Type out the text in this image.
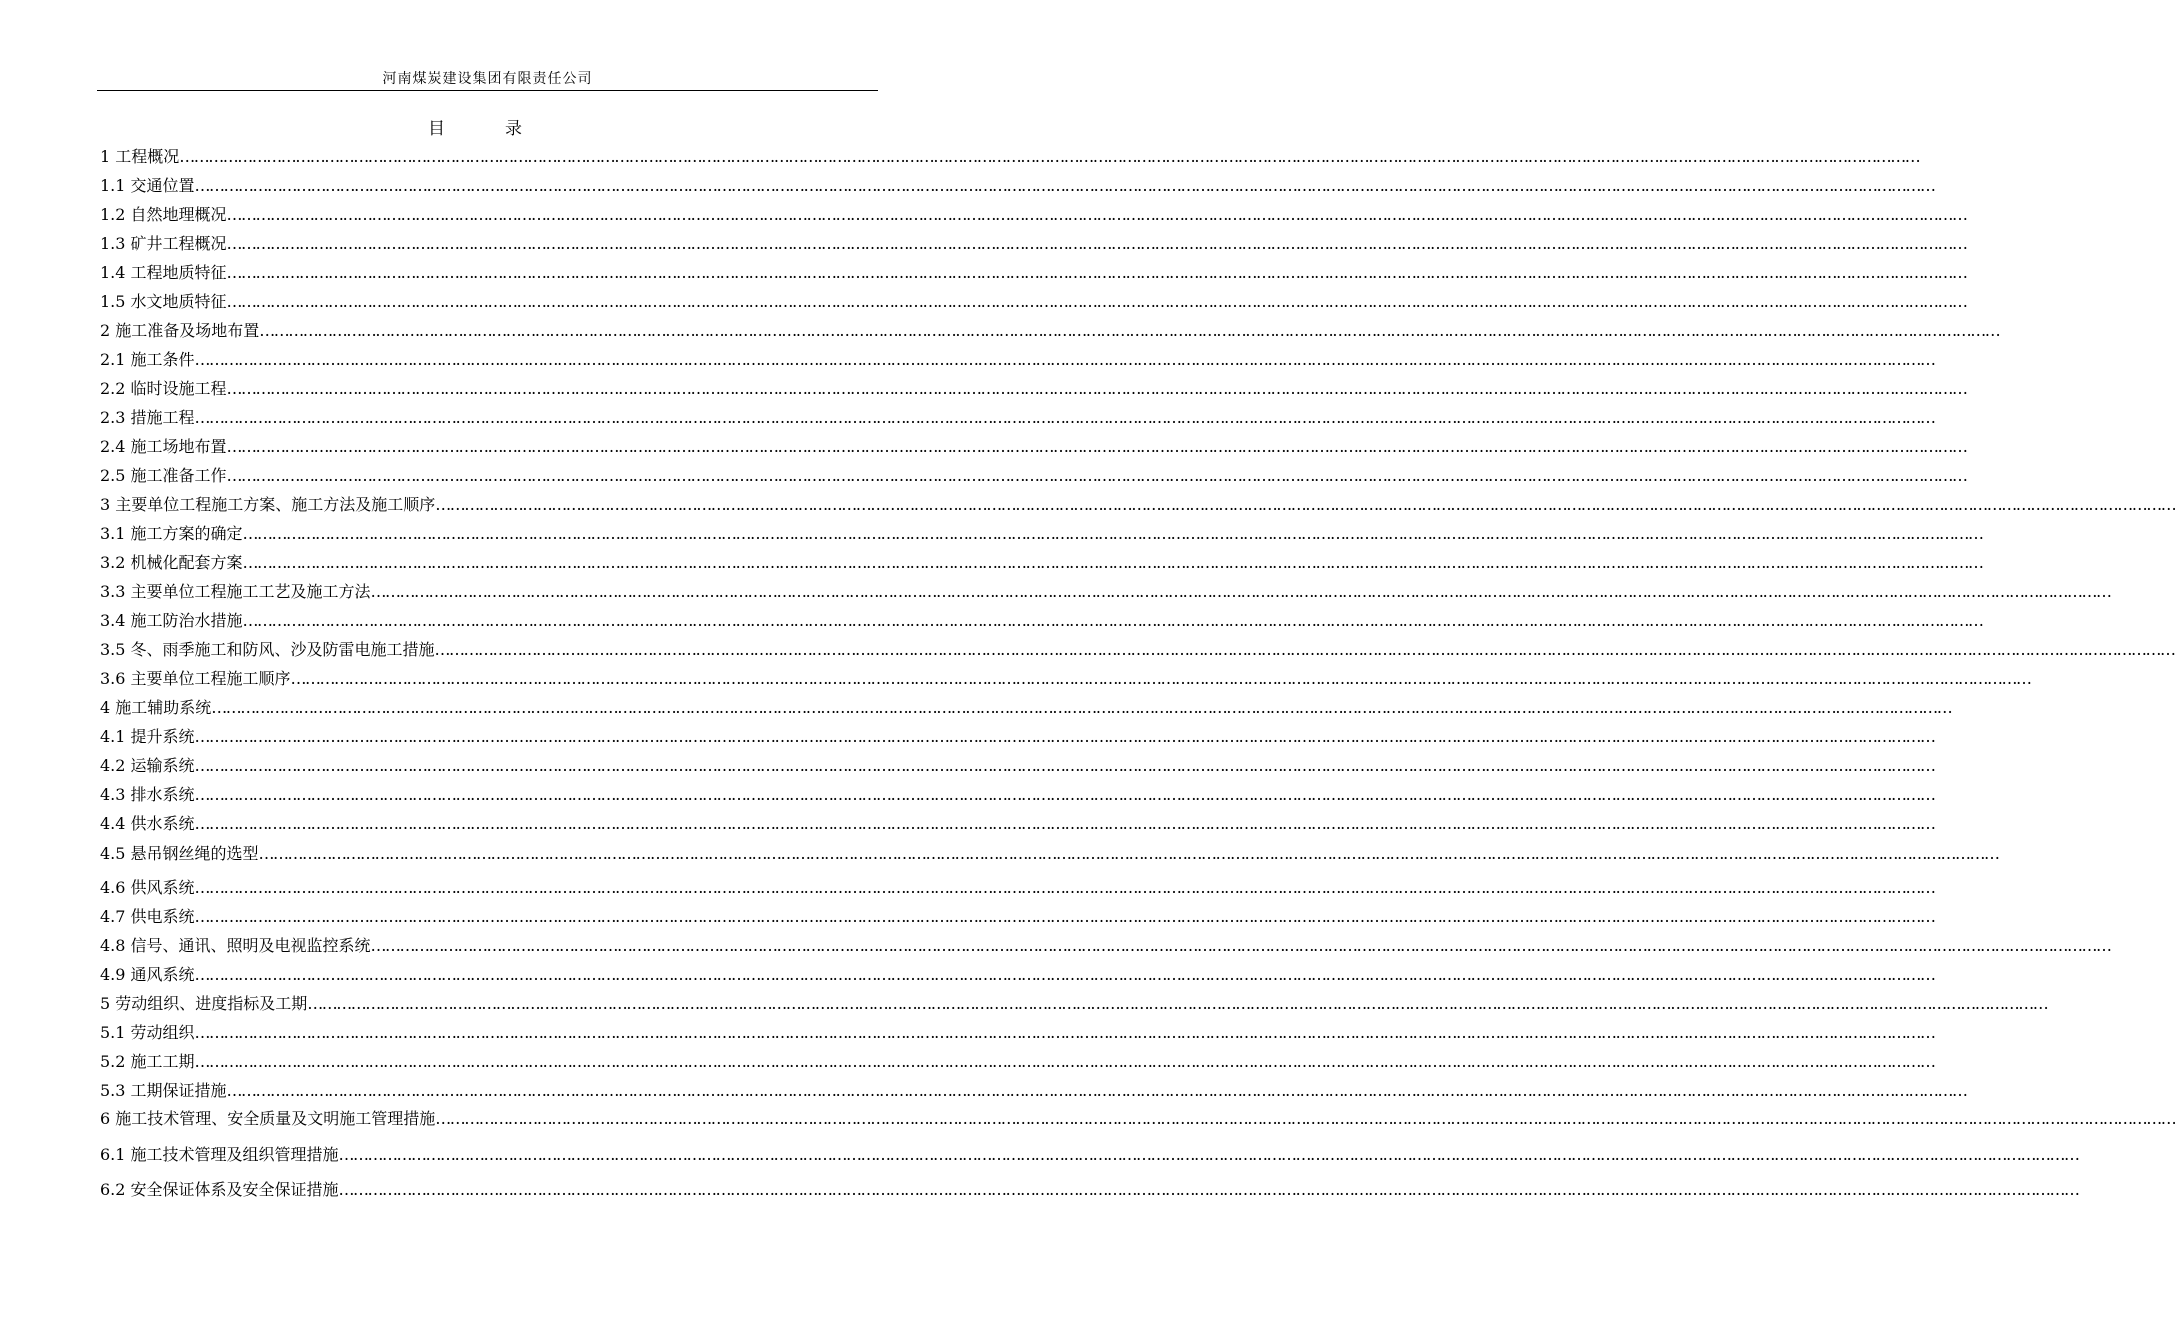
河南煤炭建设集团有限责任公司
目	录
1 工程概况………………………………………………………………………………………………………………………………………………………………………………………………………………………………………………………………………………………………………………………………
1.1 交通位置………………………………………………………………………………………………………………………………………………………………………………………………………………………………………………………………………………………………………………………………
1.2 自然地理概况………………………………………………………………………………………………………………………………………………………………………………………………………………………………………………………………………………………………………………………………
1.3 矿井工程概况………………………………………………………………………………………………………………………………………………………………………………………………………………………………………………………………………………………………………………………………
1.4 工程地质特征………………………………………………………………………………………………………………………………………………………………………………………………………………………………………………………………………………………………………………………………
1.5 水文地质特征………………………………………………………………………………………………………………………………………………………………………………………………………………………………………………………………………………………………………………………………
2 施工准备及场地布置………………………………………………………………………………………………………………………………………………………………………………………………………………………………………………………………………………………………………………………………
2.1 施工条件………………………………………………………………………………………………………………………………………………………………………………………………………………………………………………………………………………………………………………………………
2.2 临时设施工程………………………………………………………………………………………………………………………………………………………………………………………………………………………………………………………………………………………………………………………………
2.3 措施工程………………………………………………………………………………………………………………………………………………………………………………………………………………………………………………………………………………………………………………………………
2.4 施工场地布置………………………………………………………………………………………………………………………………………………………………………………………………………………………………………………………………………………………………………………………………
2.5 施工准备工作………………………………………………………………………………………………………………………………………………………………………………………………………………………………………………………………………………………………………………………………
3 主要单位工程施工方案、施工方法及施工顺序………………………………………………………………………………………………………………………………………………………………………………………………………………………………………………………………………………………………………………………………
3.1 施工方案的确定………………………………………………………………………………………………………………………………………………………………………………………………………………………………………………………………………………………………………………………………
3.2 机械化配套方案………………………………………………………………………………………………………………………………………………………………………………………………………………………………………………………………………………………………………………………………
3.3 主要单位工程施工工艺及施工方法………………………………………………………………………………………………………………………………………………………………………………………………………………………………………………………………………………………………………………………………
3.4 施工防治水措施………………………………………………………………………………………………………………………………………………………………………………………………………………………………………………………………………………………………………………………………
3.5 冬、雨季施工和防风、沙及防雷电施工措施………………………………………………………………………………………………………………………………………………………………………………………………………………………………………………………………………………………………………………………………
3.6 主要单位工程施工顺序………………………………………………………………………………………………………………………………………………………………………………………………………………………………………………………………………………………………………………………………
4 施工辅助系统………………………………………………………………………………………………………………………………………………………………………………………………………………………………………………………………………………………………………………………………
4.1 提升系统………………………………………………………………………………………………………………………………………………………………………………………………………………………………………………………………………………………………………………………………
4.2 运输系统………………………………………………………………………………………………………………………………………………………………………………………………………………………………………………………………………………………………………………………………
4.3 排水系统………………………………………………………………………………………………………………………………………………………………………………………………………………………………………………………………………………………………………………………………
4.4 供水系统………………………………………………………………………………………………………………………………………………………………………………………………………………………………………………………………………………………………………………………………
4.5 悬吊钢丝绳的选型………………………………………………………………………………………………………………………………………………………………………………………………………………………………………………………………………………………………………………………………
4.6 供风系统………………………………………………………………………………………………………………………………………………………………………………………………………………………………………………………………………………………………………………………………
4.7 供电系统………………………………………………………………………………………………………………………………………………………………………………………………………………………………………………………………………………………………………………………………
4.8 信号、通讯、照明及电视监控系统………………………………………………………………………………………………………………………………………………………………………………………………………………………………………………………………………………………………………………………………
4.9 通风系统………………………………………………………………………………………………………………………………………………………………………………………………………………………………………………………………………………………………………………………………
5 劳动组织、进度指标及工期………………………………………………………………………………………………………………………………………………………………………………………………………………………………………………………………………………………………………………………………
5.1 劳动组织………………………………………………………………………………………………………………………………………………………………………………………………………………………………………………………………………………………………………………………………
5.2 施工工期………………………………………………………………………………………………………………………………………………………………………………………………………………………………………………………………………………………………………………………………
5.3 工期保证措施………………………………………………………………………………………………………………………………………………………………………………………………………………………………………………………………………………………………………………………………
6 施工技术管理、安全质量及文明施工管理措施………………………………………………………………………………………………………………………………………………………………………………………………………………………………………………………………………………………………………………………………
6.1 施工技术管理及组织管理措施………………………………………………………………………………………………………………………………………………………………………………………………………………………………………………………………………………………………………………………………
6.2 安全保证体系及安全保证措施………………………………………………………………………………………………………………………………………………………………………………………………………………………………………………………………………………………………………………………………
